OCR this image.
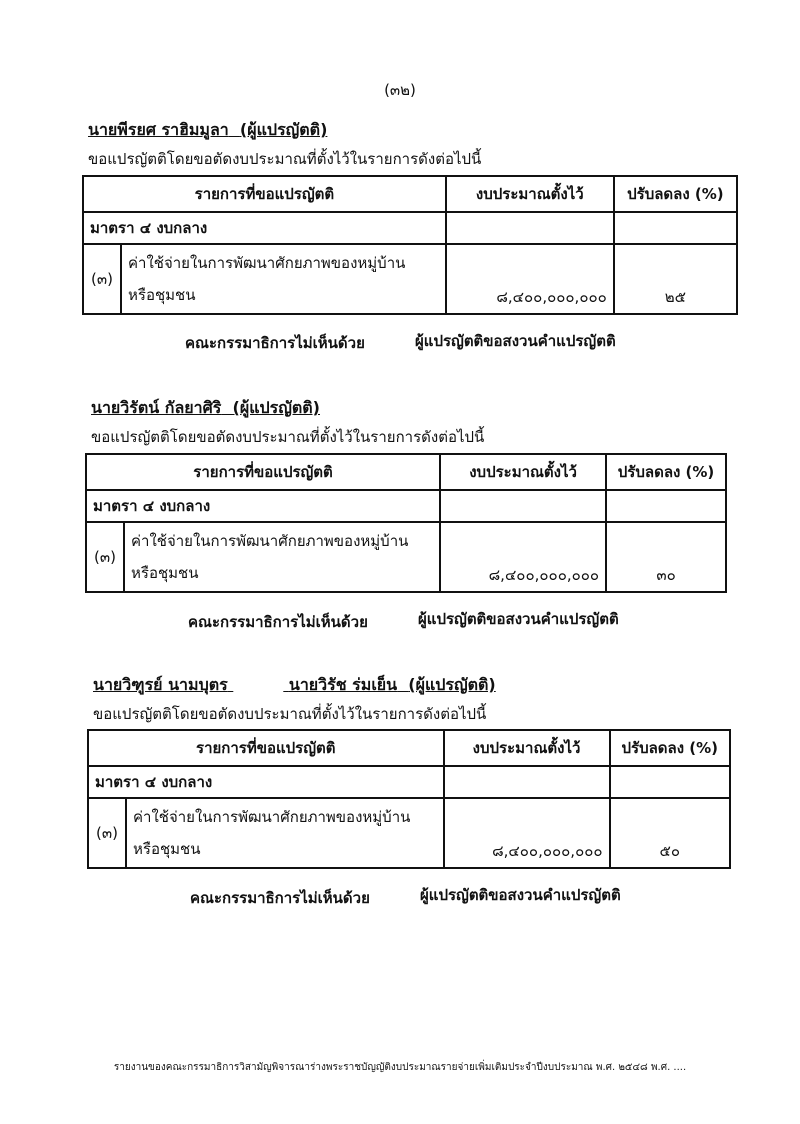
(๓๒)
นายพีรยศ ราฮิมมูลา (ผู้แปรญัตติ)
ขอแปรญัตติโดยขอตัดงบประมาณที่ตั้งไว้ในรายการดังต่อไปนี้
รายการที่ขอแปรญัตติ		งบประมาณตั้งไว้	ปรับลดลง (%)
มาตรา ๔ งบกลาง			
(๓)	ค่าใช้จ่ายในการพัฒนาศักยภาพของหมู่บ้าน
หรือชุมชน	๘,๔๐๐,๐๐๐,๐๐๐	๒๕
คณะกรรมาธิการไม่เห็นด้วย	ผู้แปรญัตติขอสงวนคำแปรญัตติ
นายวิรัตน์ กัลยาศิริ (ผู้แปรญัตติ)
ขอแปรญัตติโดยขอตัดงบประมาณที่ตั้งไว้ในรายการดังต่อไปนี้
รายการที่ขอแปรญัตติ		งบประมาณตั้งไว้	ปรับลดลง (%)
มาตรา ๔ งบกลาง			
(๓)	ค่าใช้จ่ายในการพัฒนาศักยภาพของหมู่บ้าน
หรือชุมชน	๘,๔๐๐,๐๐๐,๐๐๐	๓๐
คณะกรรมาธิการไม่เห็นด้วย	ผู้แปรญัตติขอสงวนคำแปรญัตติ
นายวิฑูรย์ นามบุตร	นายวิรัช ร่มเย็น (ผู้แปรญัตติ)
ขอแปรญัตติโดยขอตัดงบประมาณที่ตั้งไว้ในรายการดังต่อไปนี้
รายการที่ขอแปรญัตติ		งบประมาณตั้งไว้	ปรับลดลง (%)
มาตรา ๔ งบกลาง			
(๓)	ค่าใช้จ่ายในการพัฒนาศักยภาพของหมู่บ้าน
หรือชุมชน	๘,๔๐๐,๐๐๐,๐๐๐	๕๐
คณะกรรมาธิการไม่เห็นด้วย	ผู้แปรญัตติขอสงวนคำแปรญัตติ
รายงานของคณะกรรมาธิการวิสามัญพิจารณาร่างพระราชบัญญัติงบประมาณรายจ่ายเพิ่มเติมประจำปีงบประมาณ พ.ศ. ๒๕๔๘ พ.ศ. ....
